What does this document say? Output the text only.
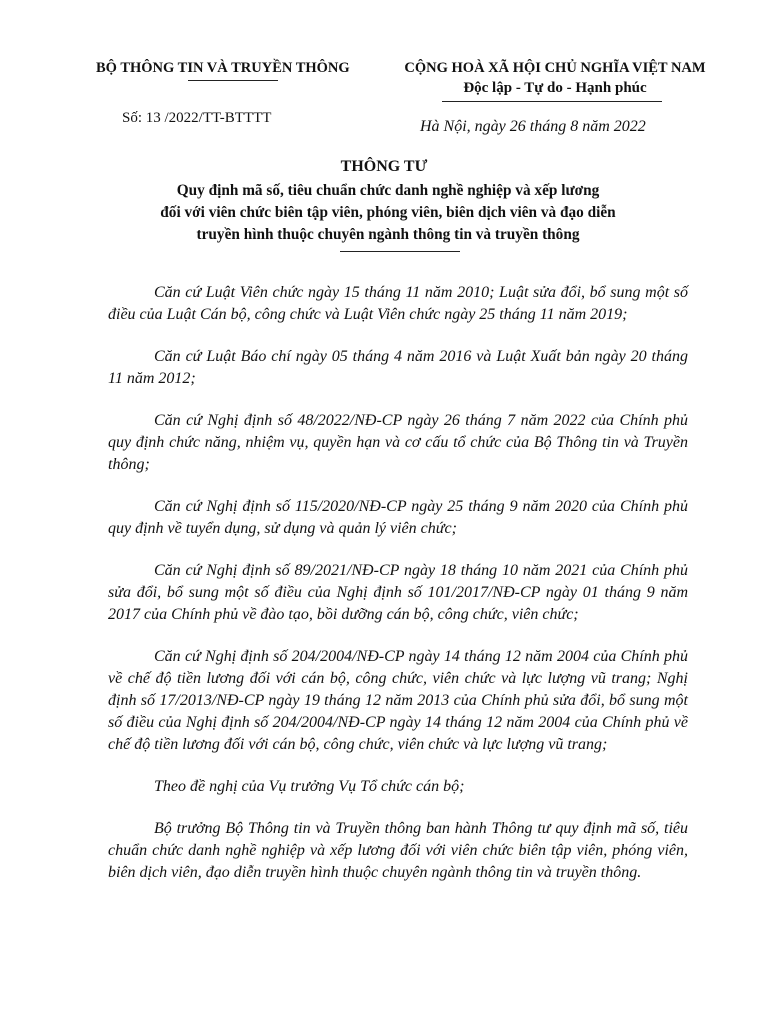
BỘ THÔNG TIN VÀ TRUYỀN THÔNG
Số: 13 /2022/TT-BTTTT
CỘNG HOÀ XÃ HỘI CHỦ NGHĨA VIỆT NAM
Độc lập - Tự do - Hạnh phúc
Hà Nội, ngày 26 tháng 8 năm 2022
THÔNG TƯ
Quy định mã số, tiêu chuẩn chức danh nghề nghiệp và xếp lương
đối với viên chức biên tập viên, phóng viên, biên dịch viên và đạo diễn
truyền hình thuộc chuyên ngành thông tin và truyền thông

Căn cứ Luật Viên chức ngày 15 tháng 11 năm 2010; Luật sửa đổi, bổ sung một số điều của Luật Cán bộ, công chức và Luật Viên chức ngày 25 tháng 11 năm 2019;

Căn cứ Luật Báo chí ngày 05 tháng 4 năm 2016 và Luật Xuất bản ngày 20 tháng 11 năm 2012;

Căn cứ Nghị định số 48/2022/NĐ-CP ngày 26 tháng 7 năm 2022 của Chính phủ quy định chức năng, nhiệm vụ, quyền hạn và cơ cấu tổ chức của Bộ Thông tin và Truyền thông;

Căn cứ Nghị định số 115/2020/NĐ-CP ngày 25 tháng 9 năm 2020 của Chính phủ quy định về tuyển dụng, sử dụng và quản lý viên chức;

Căn cứ Nghị định số 89/2021/NĐ-CP ngày 18 tháng 10 năm 2021 của Chính phủ sửa đổi, bổ sung một số điều của Nghị định số 101/2017/NĐ-CP ngày 01 tháng 9 năm 2017 của Chính phủ về đào tạo, bồi dưỡng cán bộ, công chức, viên chức;

Căn cứ Nghị định số 204/2004/NĐ-CP ngày 14 tháng 12 năm 2004 của Chính phủ về chế độ tiền lương đối với cán bộ, công chức, viên chức và lực lượng vũ trang; Nghị định số 17/2013/NĐ-CP ngày 19 tháng 12 năm 2013 của Chính phủ sửa đổi, bổ sung một số điều của Nghị định số 204/2004/NĐ-CP ngày 14 tháng 12 năm 2004 của Chính phủ về chế độ tiền lương đối với cán bộ, công chức, viên chức và lực lượng vũ trang;

Theo đề nghị của Vụ trưởng Vụ Tổ chức cán bộ;

Bộ trưởng Bộ Thông tin và Truyền thông ban hành Thông tư quy định mã số, tiêu chuẩn chức danh nghề nghiệp và xếp lương đối với viên chức biên tập viên, phóng viên, biên dịch viên, đạo diễn truyền hình thuộc chuyên ngành thông tin và truyền thông.
